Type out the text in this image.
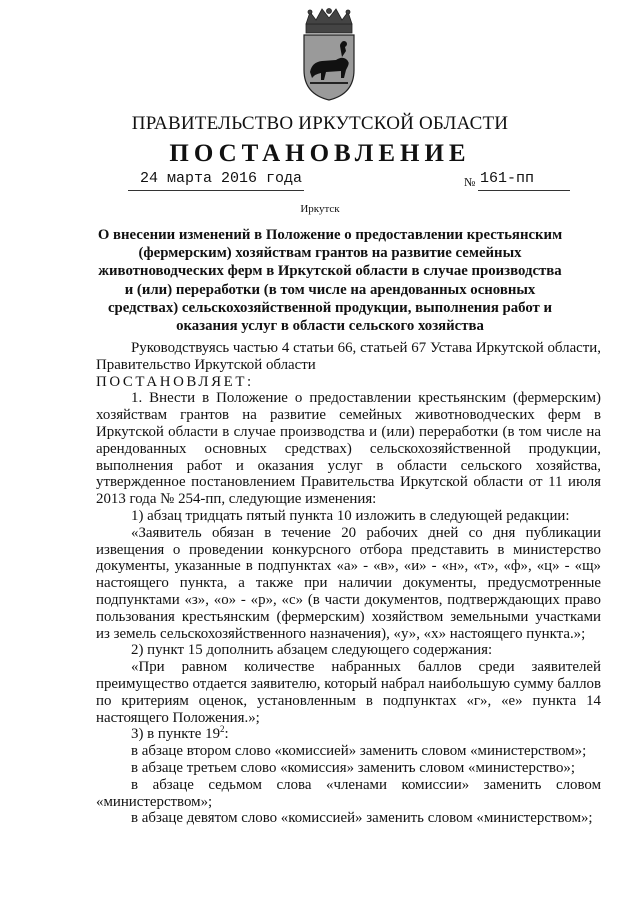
ПРАВИТЕЛЬСТВО ИРКУТСКОЙ ОБЛАСТИ
ПОСТАНОВЛЕНИЕ
24 марта 2016 года	№ 161-пп
Иркутск
О внесении изменений в Положение о предоставлении крестьянским (фермерским) хозяйствам грантов на развитие семейных животноводческих ферм в Иркутской области в случае производства и (или) переработки (в том числе на арендованных основных средствах) сельскохозяйственной продукции, выполнения работ и оказания услуг в области сельского хозяйства

Руководствуясь частью 4 статьи 66, статьей 67 Устава Иркутской области, Правительство Иркутской области

ПОСТАНОВЛЯЕТ:

1. Внести в Положение о предоставлении крестьянским (фермерским) хозяйствам грантов на развитие семейных животноводческих ферм в Иркутской области в случае производства и (или) переработки (в том числе на арендованных основных средствах) сельскохозяйственной продукции, выполнения работ и оказания услуг в области сельского хозяйства, утвержденное постановлением Правительства Иркутской области от 11 июля 2013 года № 254-пп, следующие изменения:

1) абзац тридцать пятый пункта 10 изложить в следующей редакции:

«Заявитель обязан в течение 20 рабочих дней со дня публикации извещения о проведении конкурсного отбора представить в министерство документы, указанные в подпунктах «а» - «в», «и» - «н», «т», «ф», «ц» - «щ» настоящего пункта, а также при наличии документы, предусмотренные подпунктами «з», «о» - «р», «с» (в части документов, подтверждающих право пользования крестьянским (фермерским) хозяйством земельными участками из земель сельскохозяйственного назначения), «у», «х» настоящего пункта.»;

2) пункт 15 дополнить абзацем следующего содержания:

«При равном количестве набранных баллов среди заявителей преимущество отдается заявителю, который набрал наибольшую сумму баллов по критериям оценок, установленным в подпунктах «г», «е» пункта 14 настоящего Положения.»;

3) в пункте $19^2$:

в абзаце втором слово «комиссией» заменить словом «министерством»;

в абзаце третьем слово «комиссия» заменить словом «министерство»;

в абзаце седьмом слова «членами комиссии» заменить словом «министерством»;

в абзаце девятом слово «комиссией» заменить словом «министерством»;
